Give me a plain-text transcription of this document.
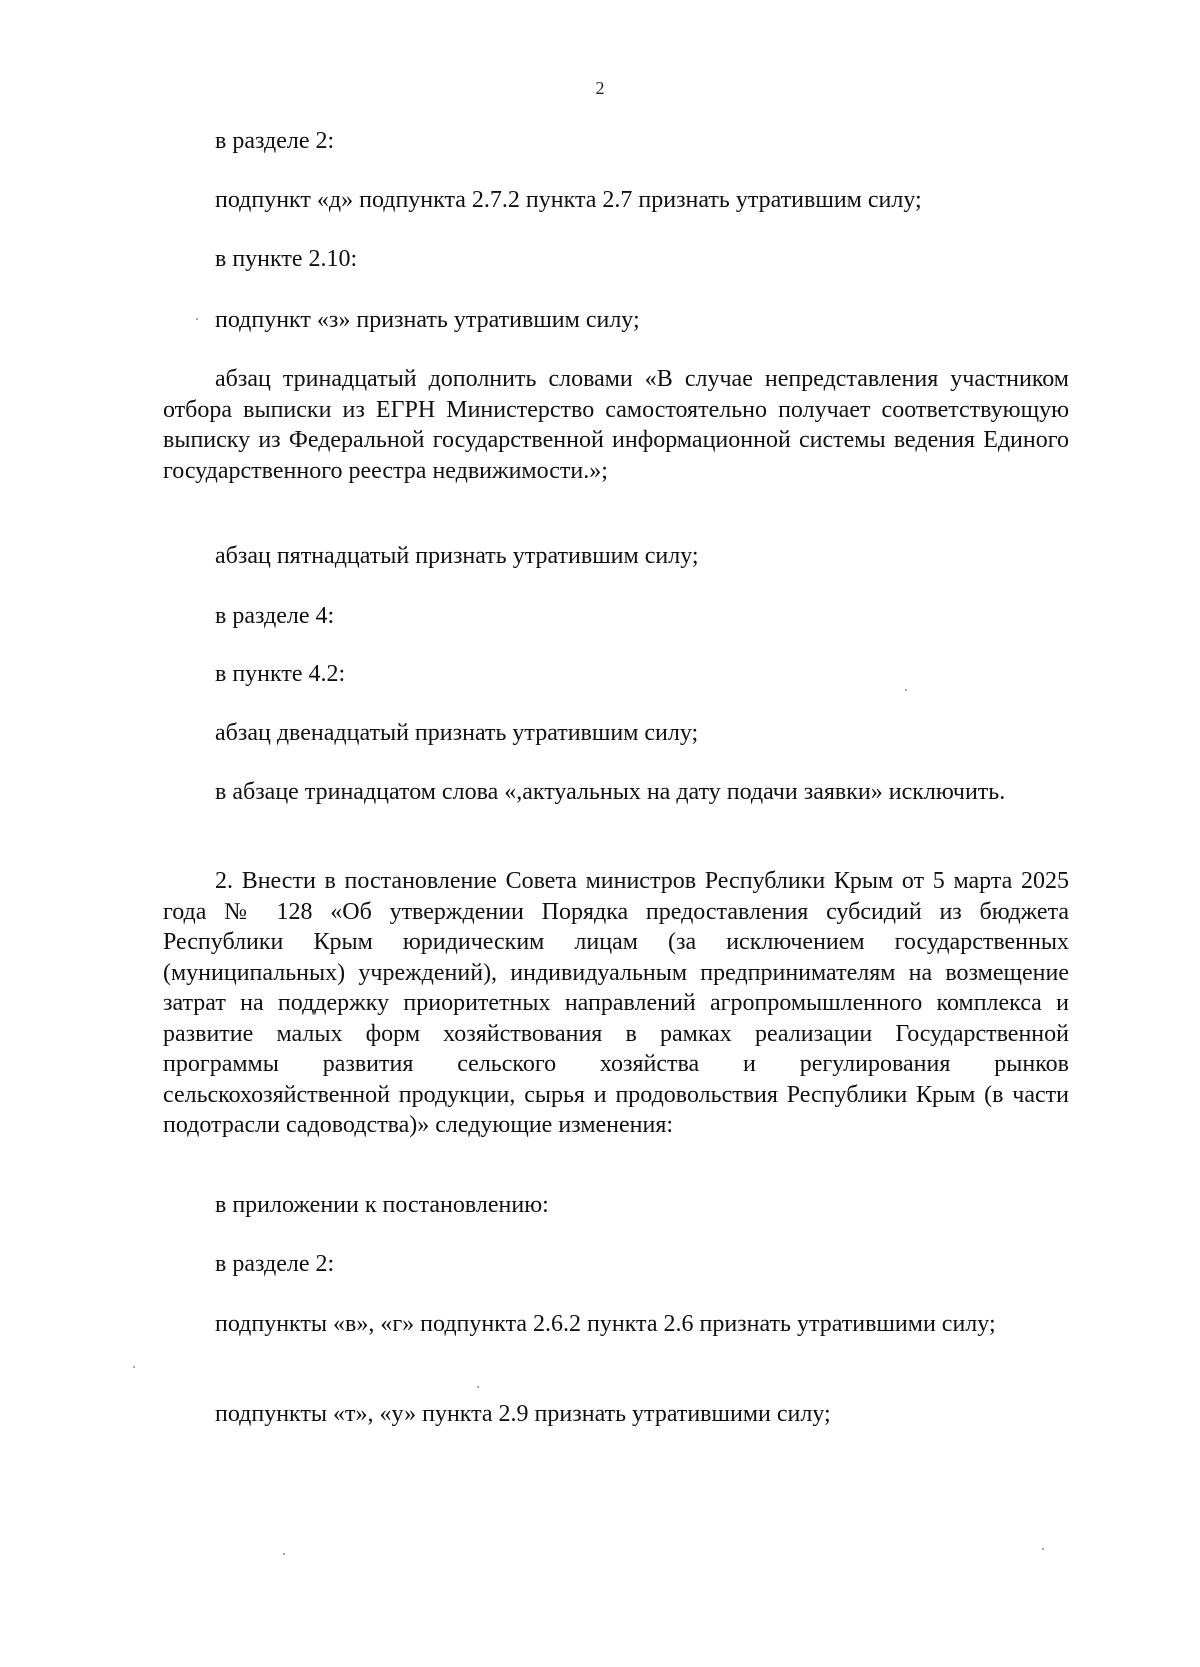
2

в разделе 2:

подпункт «д» подпункта 2.7.2 пункта 2.7 признать утратившим силу;

в пункте 2.10:

подпункт «з» признать утратившим силу;

абзац тринадцатый дополнить словами «В случае непредставления участником отбора выписки из ЕГРН Министерство самостоятельно получает соответствующую выписку из Федеральной государственной информационной системы ведения Единого государственного реестра недвижимости.»;

абзац пятнадцатый признать утратившим силу;

в разделе 4:

в пункте 4.2:

абзац двенадцатый признать утратившим силу;

в абзаце тринадцатом слова «,актуальных на дату подачи заявки» исключить.

2. Внести в постановление Совета министров Республики Крым от 5 марта 2025 года № 128 «Об утверждении Порядка предоставления субсидий из бюджета Республики Крым юридическим лицам (за исключением государственных (муниципальных) учреждений), индивидуальным предпринимателям на возмещение затрат на поддержку приоритетных направлений агропромышленного комплекса и развитие малых форм хозяйствования в рамках реализации Государственной программы развития сельского хозяйства и регулирования рынков сельскохозяйственной продукции, сырья и продовольствия Республики Крым (в части подотрасли садоводства)» следующие изменения:

в приложении к постановлению:

в разделе 2:

подпункты «в», «г» подпункта 2.6.2 пункта 2.6 признать утратившими силу;

подпункты «т», «у» пункта 2.9 признать утратившими силу;
